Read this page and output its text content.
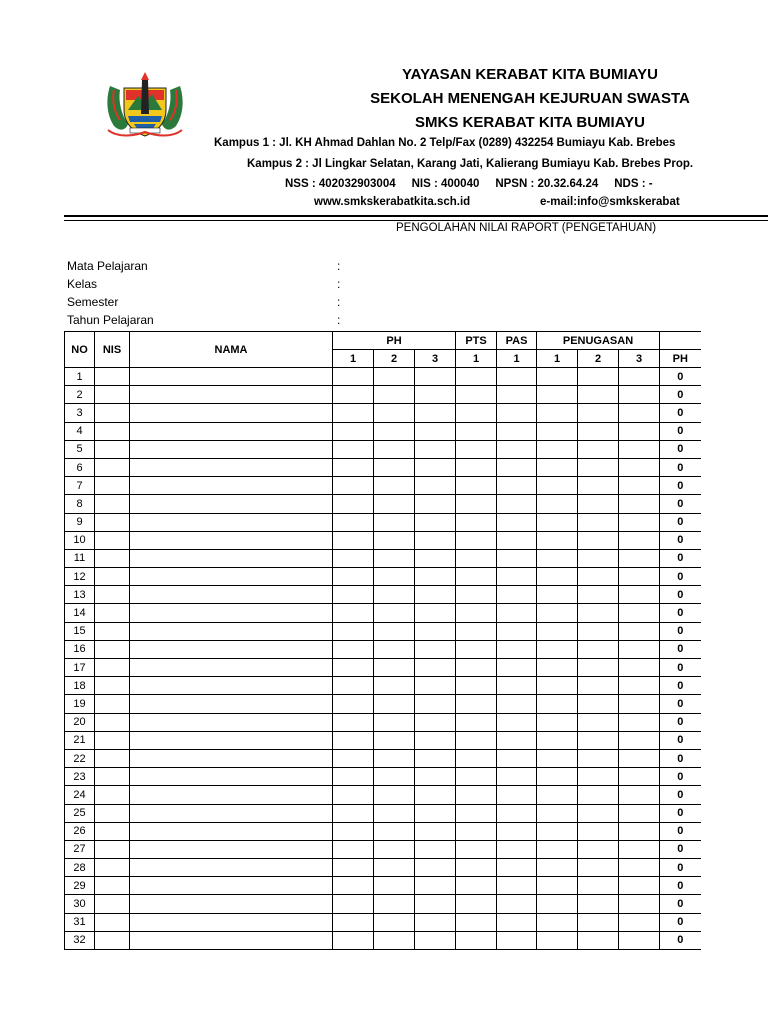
YAYASAN KERABAT KITA BUMIAYU
SEKOLAH MENENGAH KEJURUAN SWASTA
SMKS KERABAT KITA BUMIAYU
Kampus 1 : Jl. KH Ahmad Dahlan No. 2 Telp/Fax (0289) 432254 Bumiayu Kab. Brebes
Kampus 2 : Jl Lingkar Selatan, Karang Jati, Kalierang Bumiayu Kab. Brebes Prop.
NSS : 402032903004     NIS : 400040     NPSN : 20.32.64.24     NDS : -
www.smkskerabatkita.sch.id	e-mail:info@smkskerabat
PENGOLAHAN NILAI RAPORT (PENGETAHUAN)
Mata Pelajaran	:
Kelas	:
Semester	:
Tahun Pelajaran	:
NO	NIS	NAMA	PH			PTS	PAS	PENUGASAN			
			1	2	3	1	1	1	2	3	PH
1											0
2											0
3											0
4											0
5											0
6											0
7											0
8											0
9											0
10											0
11											0
12											0
13											0
14											0
15											0
16											0
17											0
18											0
19											0
20											0
21											0
22											0
23											0
24											0
25											0
26											0
27											0
28											0
29											0
30											0
31											0
32											0
